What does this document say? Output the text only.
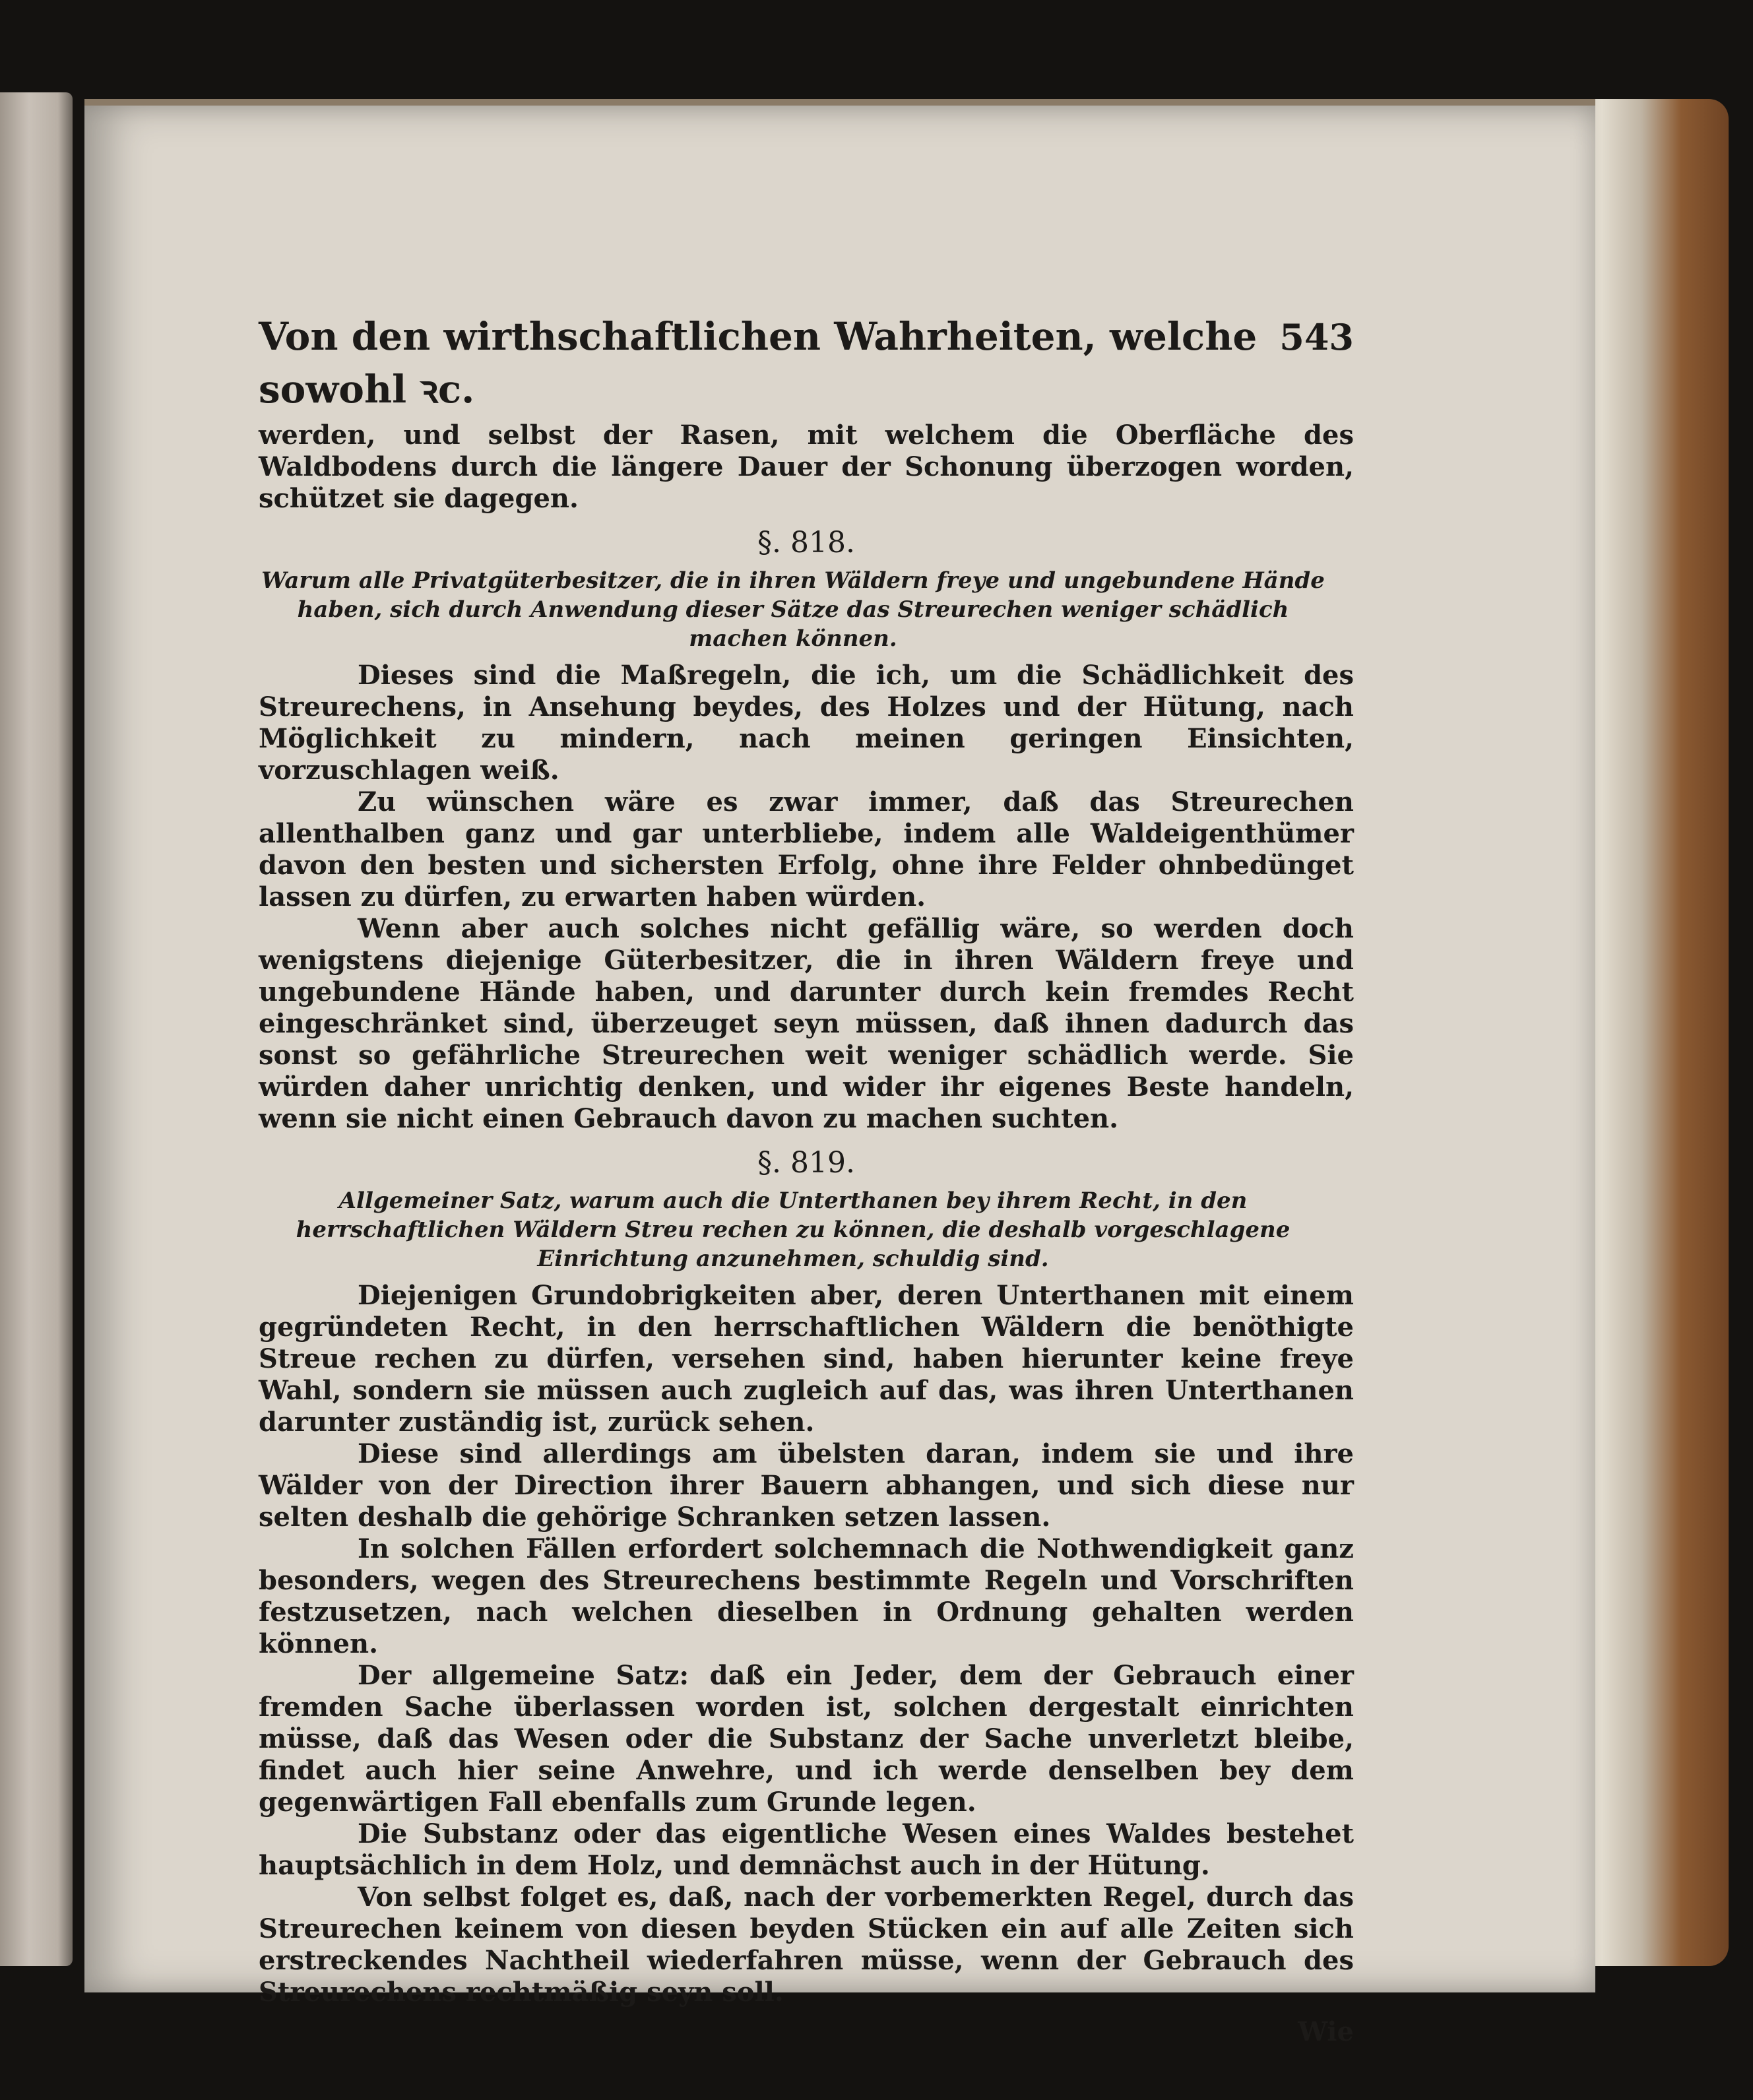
Von den wirthschaftlichen Wahrheiten, welche sowohl ꝛc.
543

werden, und selbst der Rasen, mit welchem die Oberfläche des Waldbodens durch die längere Dauer der Schonung überzogen worden, schützet sie dagegen.

§. 818.
Warum alle Privatgüterbesitzer, die in ihren Wäldern freye und ungebundene Hände haben, sich durch Anwendung dieser Sätze das Streurechen weniger schädlich machen können.

Dieses sind die Maßregeln, die ich, um die Schädlichkeit des Streurechens, in Ansehung beydes, des Holzes und der Hütung, nach Möglichkeit zu mindern, nach meinen geringen Einsichten, vorzuschlagen weiß.

Zu wünschen wäre es zwar immer, daß das Streurechen allenthalben ganz und gar unterbliebe, indem alle Waldeigenthümer davon den besten und sichersten Erfolg, ohne ihre Felder ohnbedünget lassen zu dürfen, zu erwarten haben würden.

Wenn aber auch solches nicht gefällig wäre, so werden doch wenigstens diejenige Güterbesitzer, die in ihren Wäldern freye und ungebundene Hände haben, und darunter durch kein fremdes Recht eingeschränket sind, überzeuget seyn müssen, daß ihnen dadurch das sonst so gefährliche Streurechen weit weniger schädlich werde. Sie würden daher unrichtig denken, und wider ihr eigenes Beste handeln, wenn sie nicht einen Gebrauch davon zu machen suchten.

§. 819.
Allgemeiner Satz, warum auch die Unterthanen bey ihrem Recht, in den herrschaftlichen Wäldern Streu rechen zu können, die deshalb vorgeschlagene Einrichtung anzunehmen, schuldig sind.

Diejenigen Grundobrigkeiten aber, deren Unterthanen mit einem gegründeten Recht, in den herrschaftlichen Wäldern die benöthigte Streue rechen zu dürfen, versehen sind, haben hierunter keine freye Wahl, sondern sie müssen auch zugleich auf das, was ihren Unterthanen darunter zuständig ist, zurück sehen.

Diese sind allerdings am übelsten daran, indem sie und ihre Wälder von der Direction ihrer Bauern abhangen, und sich diese nur selten deshalb die gehörige Schranken setzen lassen.

In solchen Fällen erfordert solchemnach die Nothwendigkeit ganz besonders, wegen des Streurechens bestimmte Regeln und Vorschriften festzusetzen, nach welchen dieselben in Ordnung gehalten werden können.

Der allgemeine Satz: daß ein Jeder, dem der Gebrauch einer fremden Sache überlassen worden ist, solchen dergestalt einrichten müsse, daß das Wesen oder die Substanz der Sache unverletzt bleibe, findet auch hier seine Anwehre, und ich werde denselben bey dem gegenwärtigen Fall ebenfalls zum Grunde legen.

Die Substanz oder das eigentliche Wesen eines Waldes bestehet hauptsächlich in dem Holz, und demnächst auch in der Hütung.

Von selbst folget es, daß, nach der vorbemerkten Regel, durch das Streurechen keinem von diesen beyden Stücken ein auf alle Zeiten sich erstreckendes Nachtheil wiederfahren müsse, wenn der Gebrauch des Streurechens rechtmäßig seyn soll.

Wie
